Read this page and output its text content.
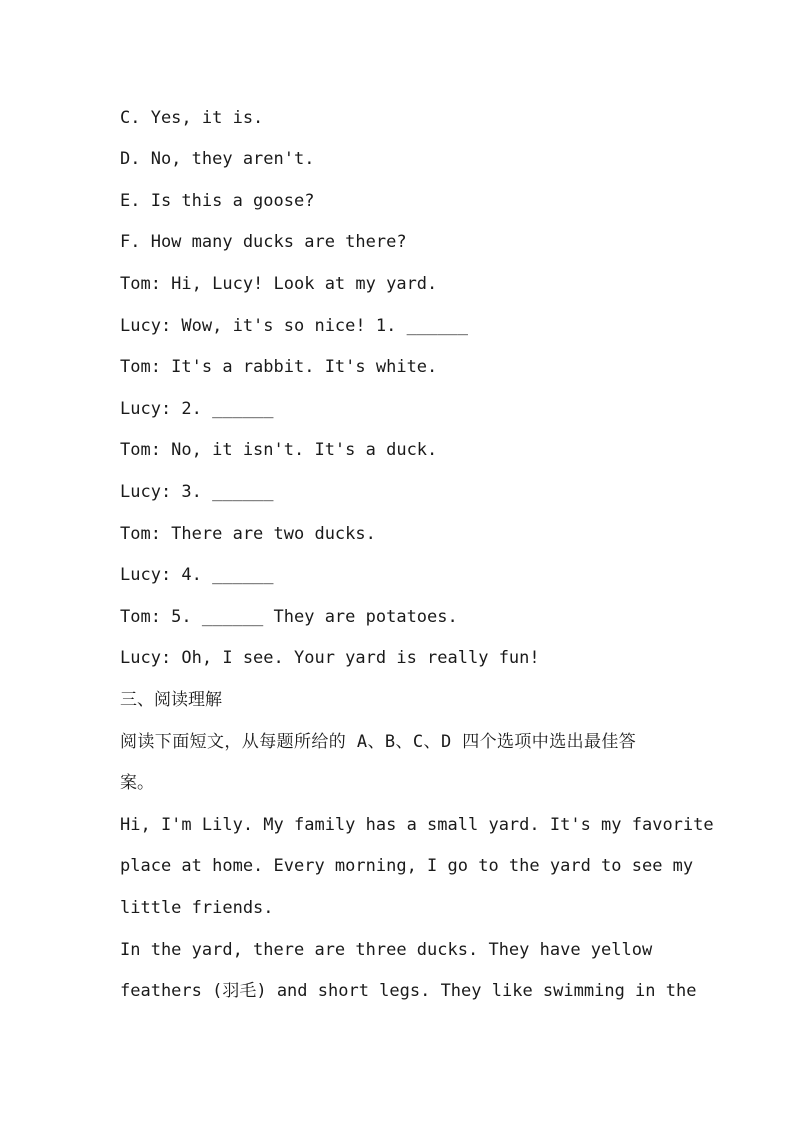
C. Yes, it is.
D. No, they aren't.
E. Is this a goose?
F. How many ducks are there?
Tom: Hi, Lucy! Look at my yard.
Lucy: Wow, it's so nice! 1. ______
Tom: It's a rabbit. It's white.
Lucy: 2. ______
Tom: No, it isn't. It's a duck.
Lucy: 3. ______
Tom: There are two ducks.
Lucy: 4. ______
Tom: 5. ______ They are potatoes.
Lucy: Oh, I see. Your yard is really fun!
三、阅读理解
阅读下面短文，从每题所给的 A、B、C、D 四个选项中选出最佳答
案。
Hi, I'm Lily. My family has a small yard. It's my favorite
place at home. Every morning, I go to the yard to see my
little friends.
In the yard, there are three ducks. They have yellow
feathers (羽毛) and short legs. They like swimming in the
